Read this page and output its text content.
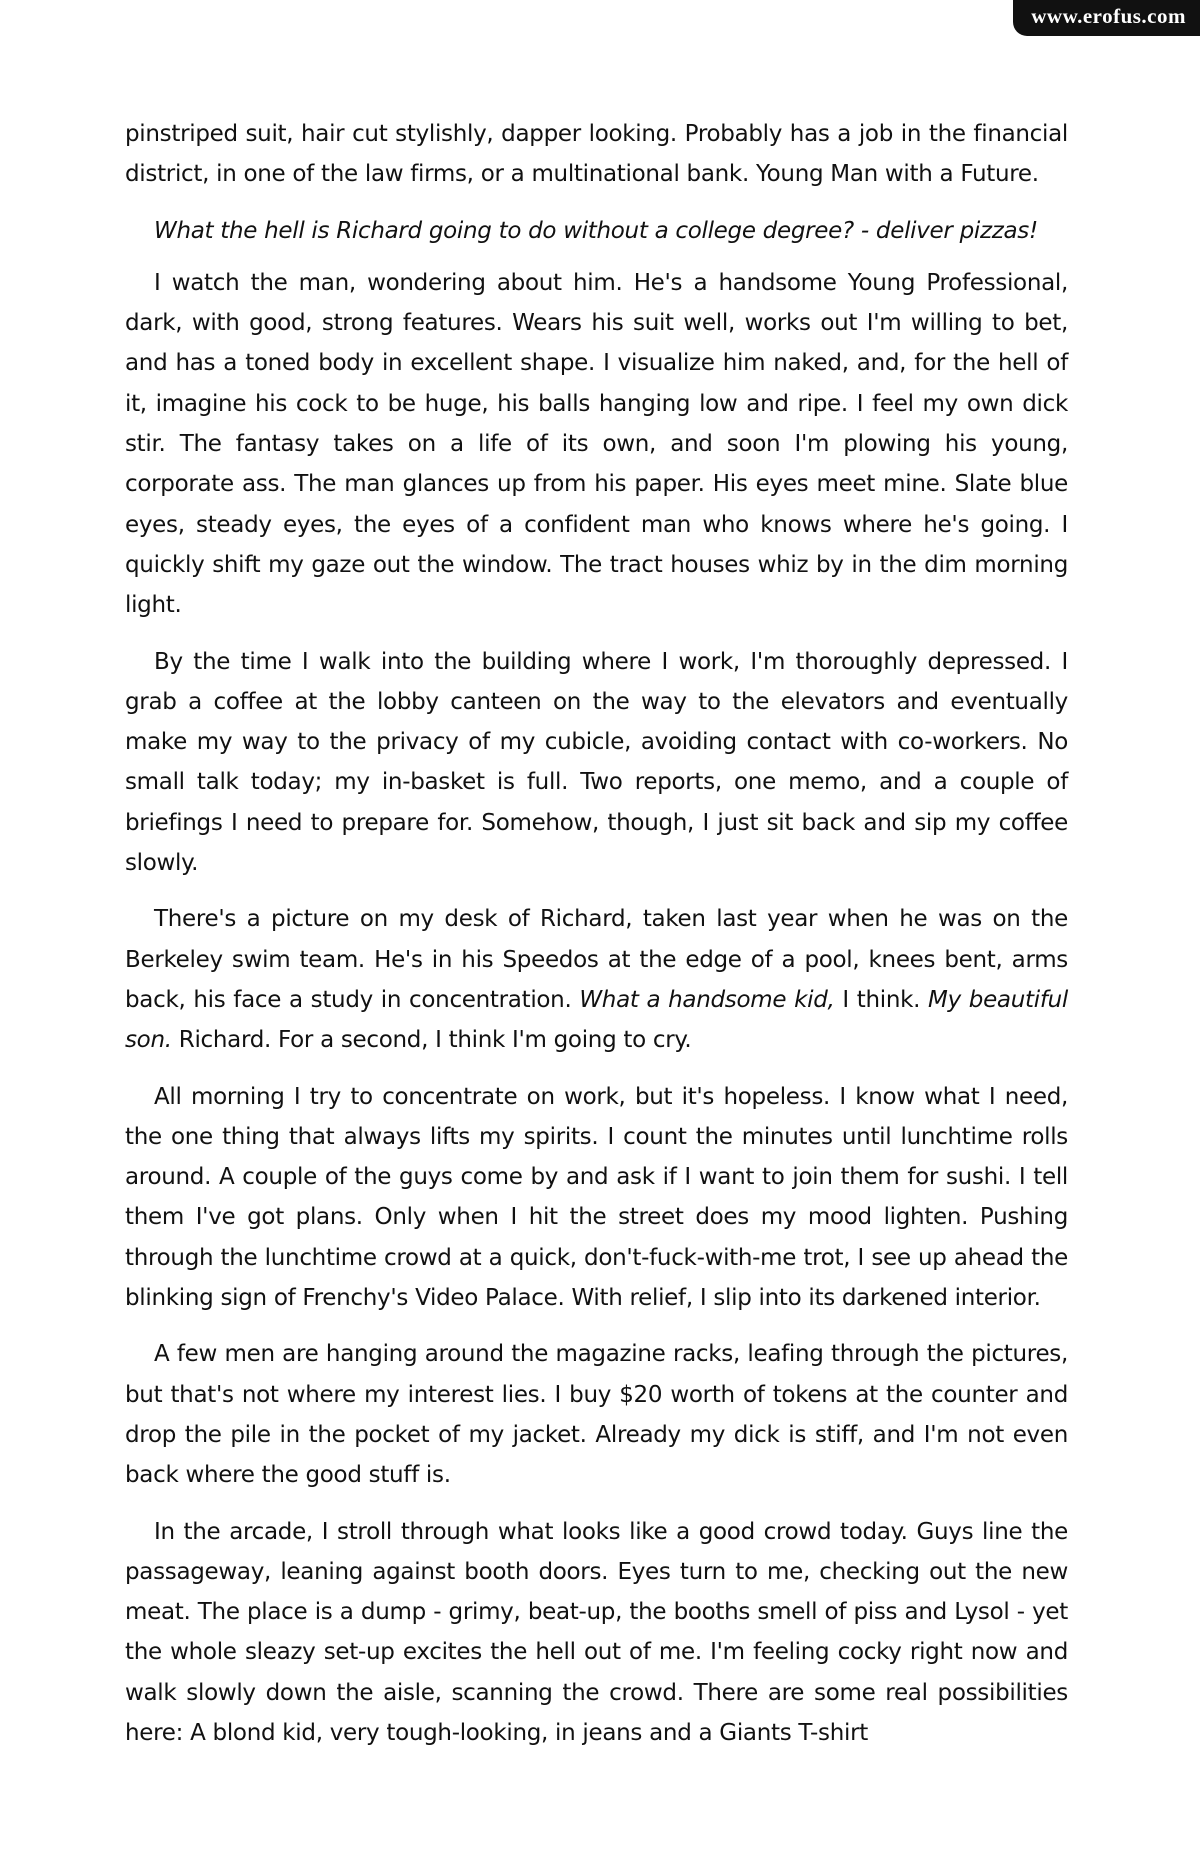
www.erofus.com

pinstriped suit, hair cut stylishly, dapper looking. Probably has a job in the financial district, in one of the law firms, or a multinational bank. Young Man with a Future.

What the hell is Richard going to do without a college degree? - deliver pizzas!

I watch the man, wondering about him. He's a handsome Young Professional, dark, with good, strong features. Wears his suit well, works out I'm willing to bet, and has a toned body in excellent shape. I visualize him naked, and, for the hell of it, imagine his cock to be huge, his balls hanging low and ripe. I feel my own dick stir. The fantasy takes on a life of its own, and soon I'm plowing his young, corporate ass. The man glances up from his paper. His eyes meet mine. Slate blue eyes, steady eyes, the eyes of a confident man who knows where he's going. I quickly shift my gaze out the window. The tract houses whiz by in the dim morning light.

By the time I walk into the building where I work, I'm thoroughly depressed. I grab a coffee at the lobby canteen on the way to the elevators and eventually make my way to the privacy of my cubicle, avoiding contact with co-workers. No small talk today; my in-basket is full. Two reports, one memo, and a couple of briefings I need to prepare for. Somehow, though, I just sit back and sip my coffee slowly.

There's a picture on my desk of Richard, taken last year when he was on the Berkeley swim team. He's in his Speedos at the edge of a pool, knees bent, arms back, his face a study in concentration. What a handsome kid, I think. My beautiful son. Richard. For a second, I think I'm going to cry.

All morning I try to concentrate on work, but it's hopeless. I know what I need, the one thing that always lifts my spirits. I count the minutes until lunchtime rolls around. A couple of the guys come by and ask if I want to join them for sushi. I tell them I've got plans. Only when I hit the street does my mood lighten. Pushing through the lunchtime crowd at a quick, don't-fuck-with-me trot, I see up ahead the blinking sign of Frenchy's Video Palace. With relief, I slip into its darkened interior.

A few men are hanging around the magazine racks, leafing through the pictures, but that's not where my interest lies. I buy $20 worth of tokens at the counter and drop the pile in the pocket of my jacket. Already my dick is stiff, and I'm not even back where the good stuff is.

In the arcade, I stroll through what looks like a good crowd today. Guys line the passageway, leaning against booth doors. Eyes turn to me, checking out the new meat. The place is a dump - grimy, beat-up, the booths smell of piss and Lysol - yet the whole sleazy set-up excites the hell out of me. I'm feeling cocky right now and walk slowly down the aisle, scanning the crowd. There are some real possibilities here: A blond kid, very tough-looking, in jeans and a Giants T-shirt
